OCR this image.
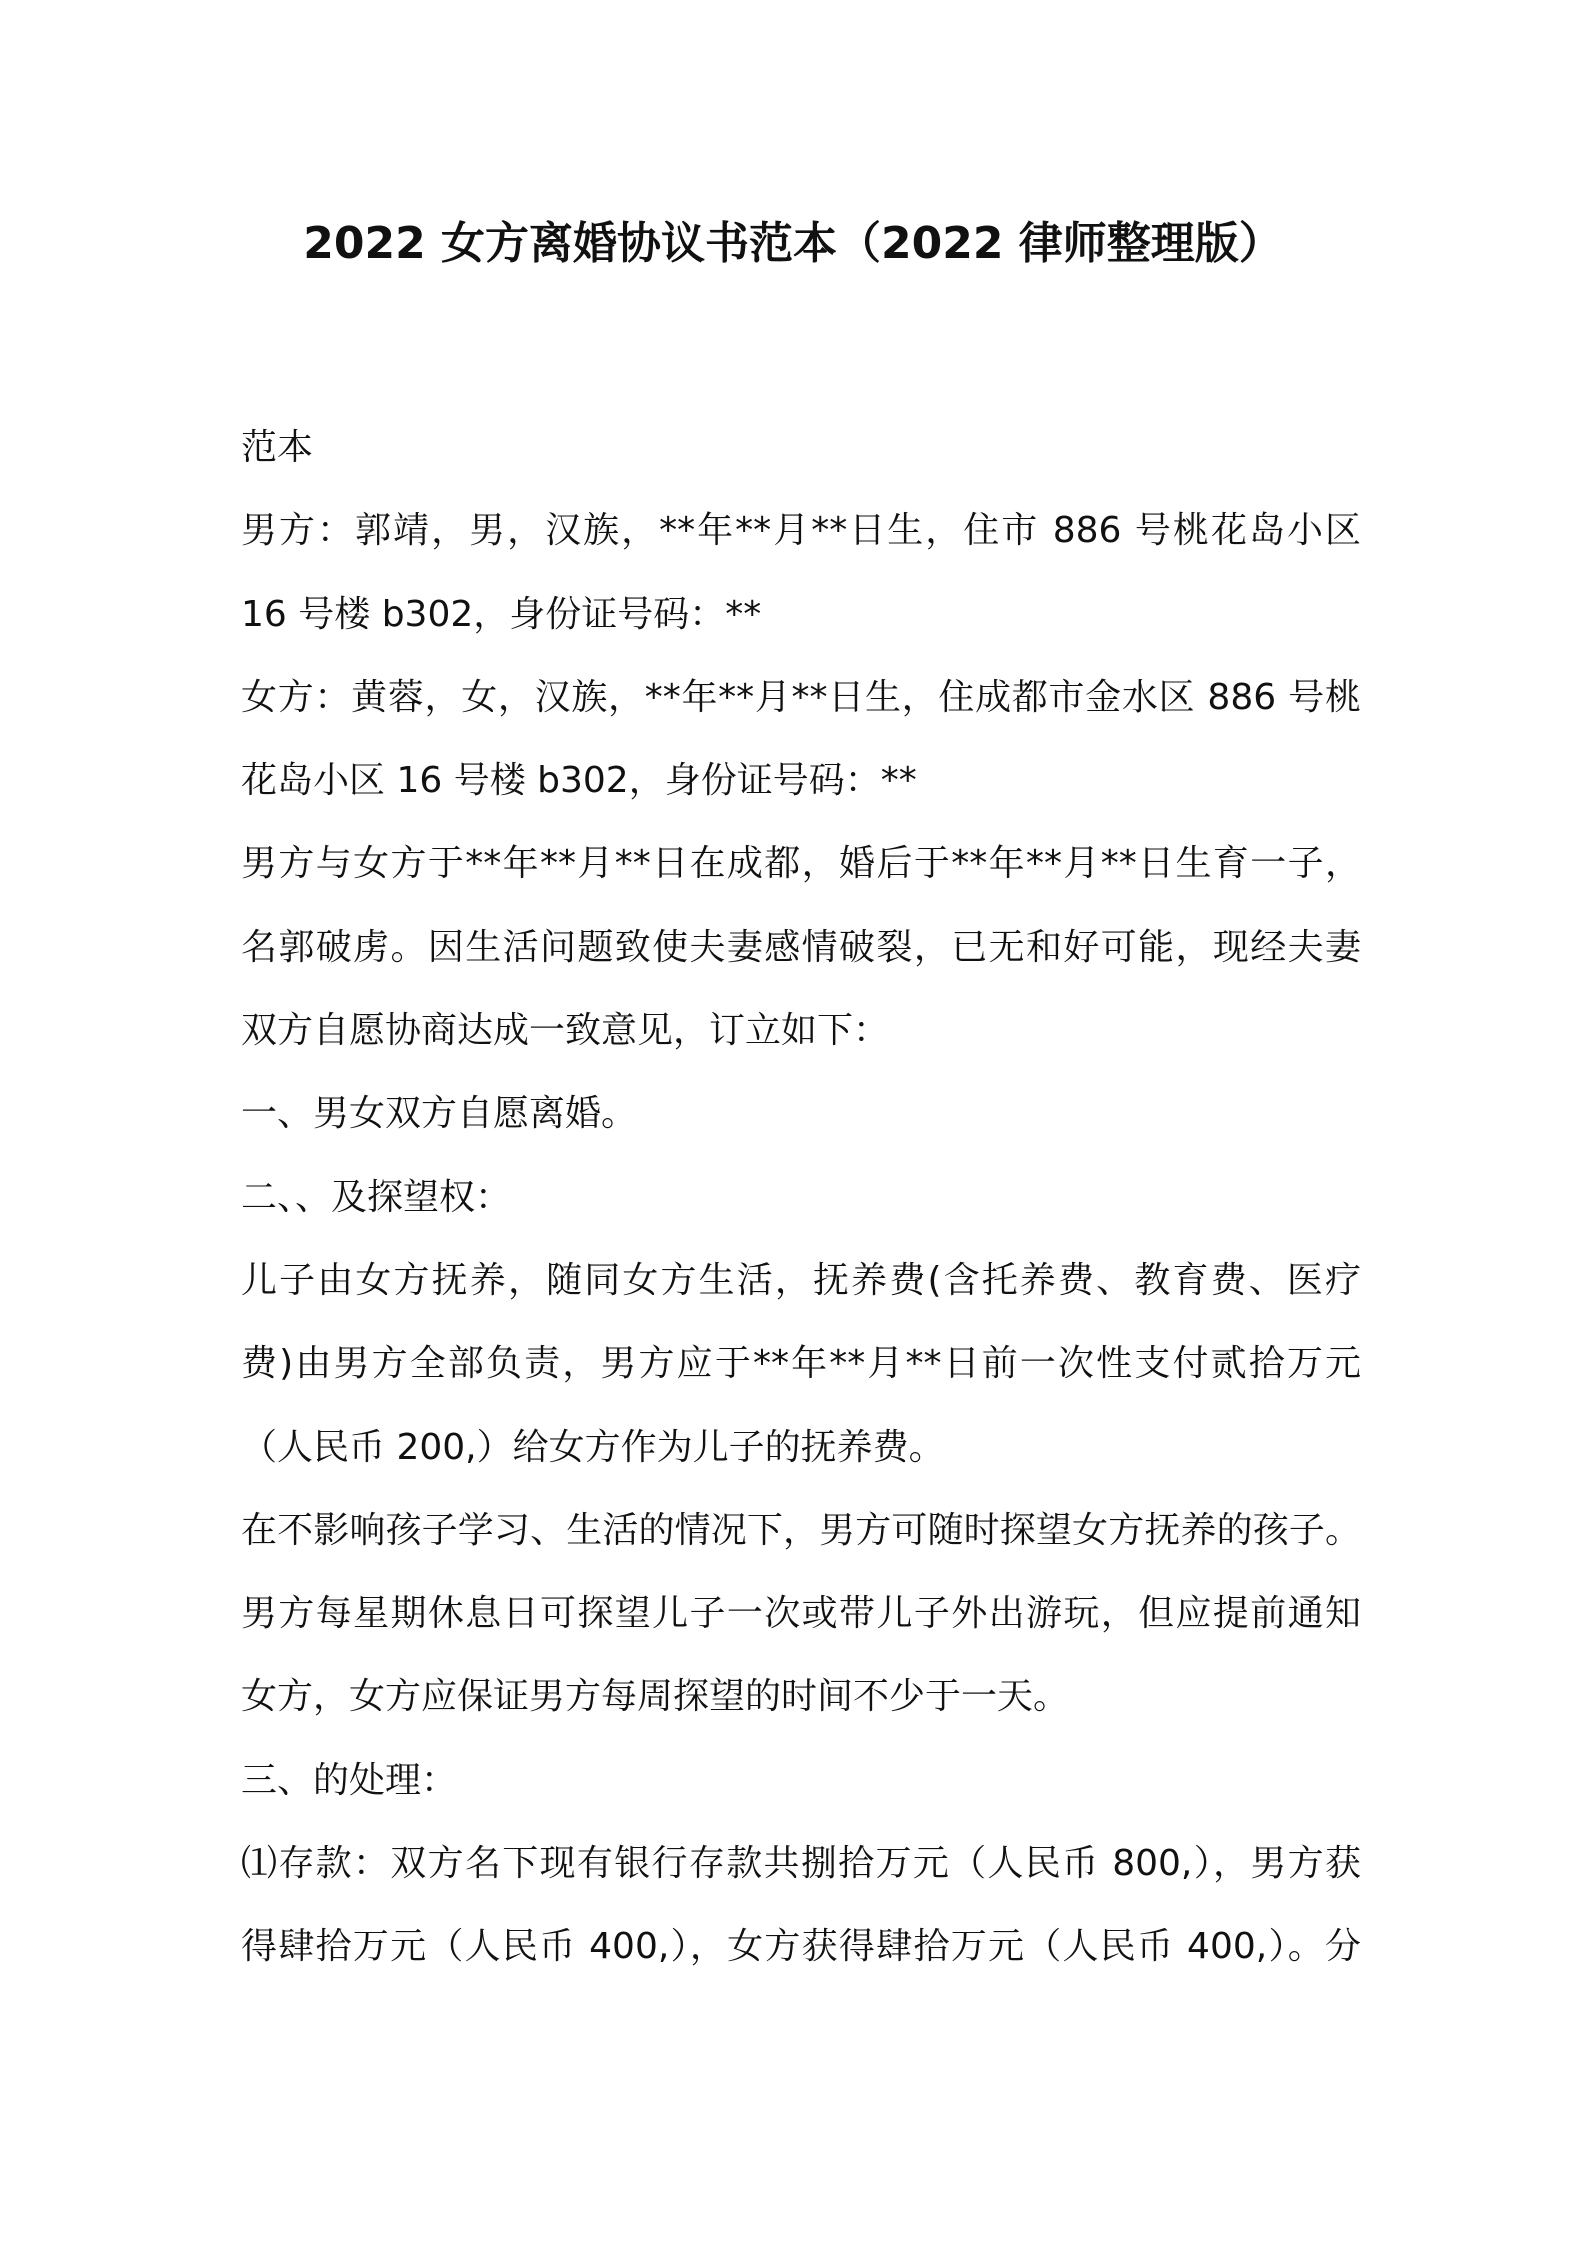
2022 女方离婚协议书范本（2022 律师整理版）
范本
男方：郭靖，男，汉族，**年**月**日生，住市 886 号桃花岛小区
16 号楼 b302，身份证号码：**
女方：黄蓉，女，汉族，**年**月**日生，住成都市金水区 886 号桃
花岛小区 16 号楼 b302，身份证号码：**
男方与女方于**年**月**日在成都，婚后于**年**月**日生育一子，
名郭破虏。因生活问题致使夫妻感情破裂，已无和好可能，现经夫妻
双方自愿协商达成一致意见，订立如下：
一、男女双方自愿离婚。
二、、及探望权：
儿子由女方抚养，随同女方生活，抚养费(含托养费、教育费、医疗
费)由男方全部负责，男方应于**年**月**日前一次性支付贰拾万元
（人民币 200,）给女方作为儿子的抚养费。
在不影响孩子学习、生活的情况下，男方可随时探望女方抚养的孩子。
男方每星期休息日可探望儿子一次或带儿子外出游玩，但应提前通知
女方，女方应保证男方每周探望的时间不少于一天。
三、的处理：
⑴存款：双方名下现有银行存款共捌拾万元（人民币 800,），男方获
得肆拾万元（人民币 400,），女方获得肆拾万元（人民币 400,）。分
